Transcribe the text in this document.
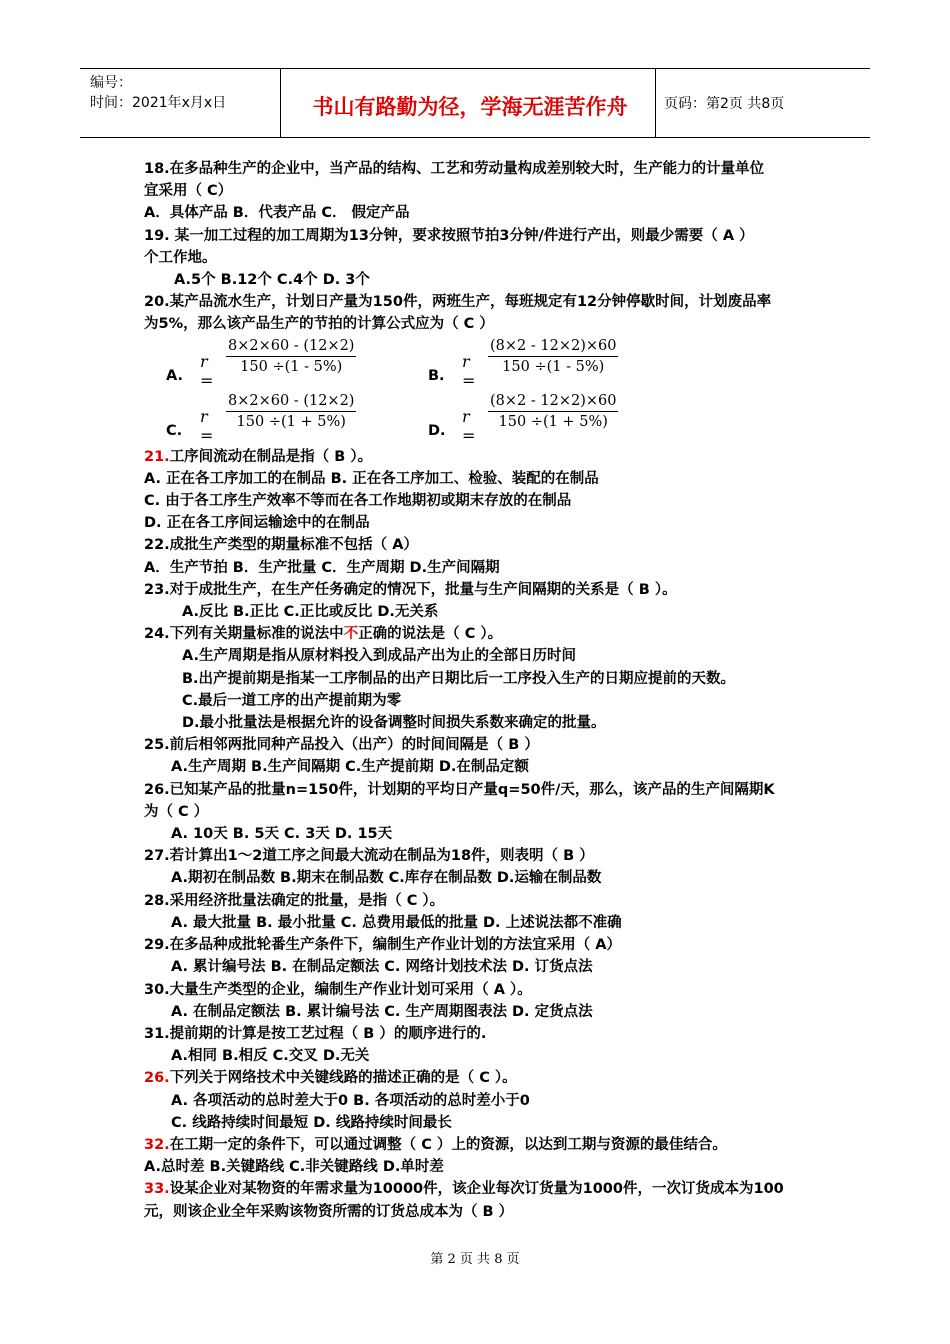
编号：
时间：2021年x月x日	书山有路勤为径，学海无涯苦作舟	页码：第2页 共8页
18.在多品种生产的企业中，当产品的结构、工艺和劳动量构成差别较大时，生产能力的计量单位
宜采用（ C）
A．具体产品 B．代表产品 C． 假定产品
19. 某一加工过程的加工周期为13分钟，要求按照节拍3分钟/件进行产出，则最少需要（ A ）
个工作地。
A.5个 B.12个 C.4个 D. 3个
20.某产品流水生产，计划日产量为150件，两班生产，每班规定有12分钟停歇时间，计划废品率
为5%，那么该产品生产的节拍的计算公式应为（ C ）
A.
r =
8×2×60 - (12×2)
150 ÷(1 - 5%)
B.
r =
(8×2 - 12×2)×60
150 ÷(1 - 5%)
C.
r =
8×2×60 - (12×2)
150 ÷(1 + 5%)
D.
r =
(8×2 - 12×2)×60
150 ÷(1 + 5%)
21.工序间流动在制品是指（ B ）。
A. 正在各工序加工的在制品 B. 正在各工序加工、检验、装配的在制品
C. 由于各工序生产效率不等而在各工作地期初或期末存放的在制品
D. 正在各工序间运输途中的在制品
22.成批生产类型的期量标准不包括（ A）
A．生产节拍 B．生产批量 C．生产周期 D.生产间隔期
23.对于成批生产，在生产任务确定的情况下，批量与生产间隔期的关系是（ B ）。
A.反比 B.正比 C.正比或反比 D.无关系
24.下列有关期量标准的说法中不正确的说法是（ C ）。
A.生产周期是指从原材料投入到成品产出为止的全部日历时间
B.出产提前期是指某一工序制品的出产日期比后一工序投入生产的日期应提前的天数。
C.最后一道工序的出产提前期为零
D.最小批量法是根据允许的设备调整时间损失系数来确定的批量。
25.前后相邻两批同种产品投入（出产）的时间间隔是（ B ）
A.生产周期 B.生产间隔期 C.生产提前期 D.在制品定额
26.已知某产品的批量n=150件，计划期的平均日产量q=50件/天，那么，该产品的生产间隔期K
为（ C ）
A. 10天 B. 5天 C. 3天 D. 15天
27.若计算出1～2道工序之间最大流动在制品为18件，则表明（ B ）
A.期初在制品数 B.期末在制品数 C.库存在制品数 D.运输在制品数
28.采用经济批量法确定的批量，是指（ C ）。
A. 最大批量 B. 最小批量 C. 总费用最低的批量 D. 上述说法都不准确
29.在多品种成批轮番生产条件下，编制生产作业计划的方法宜采用（ A）
A. 累计编号法 B. 在制品定额法 C. 网络计划技术法 D. 订货点法
30.大量生产类型的企业，编制生产作业计划可采用（ A ）。
A. 在制品定额法 B. 累计编号法 C. 生产周期图表法 D. 定货点法
31.提前期的计算是按工艺过程（ B ）的顺序进行的.
A.相同 B.相反 C.交叉 D.无关
26.下列关于网络技术中关键线路的描述正确的是（ C ）。
A. 各项活动的总时差大于0 B. 各项活动的总时差小于0
C. 线路持续时间最短 D. 线路持续时间最长
32.在工期一定的条件下，可以通过调整（ C ）上的资源，以达到工期与资源的最佳结合。
A.总时差 B.关键路线 C.非关键路线 D.单时差
33.设某企业对某物资的年需求量为10000件，该企业每次订货量为1000件，一次订货成本为100
元，则该企业全年采购该物资所需的订货总成本为（ B ）
第 2 页 共 8 页
